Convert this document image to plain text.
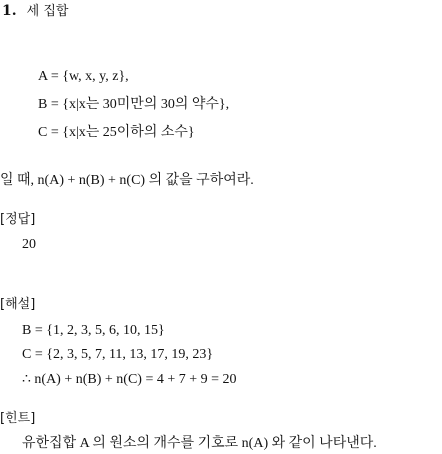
1. 세 집합
A = {w, x, y, z},
B = {x|x는 30미만의 30의 약수},
C = {x|x는 25이하의 소수}
일 때, n(A) + n(B) + n(C) 의 값을 구하여라.
[정답]
20
[해설]
B = {1, 2, 3, 5, 6, 10, 15}
C = {2, 3, 5, 7, 11, 13, 17, 19, 23}
∴ n(A) + n(B) + n(C) = 4 + 7 + 9 = 20
[힌트]
유한집합 A 의 원소의 개수를 기호로 n(A) 와 같이 나타낸다.
